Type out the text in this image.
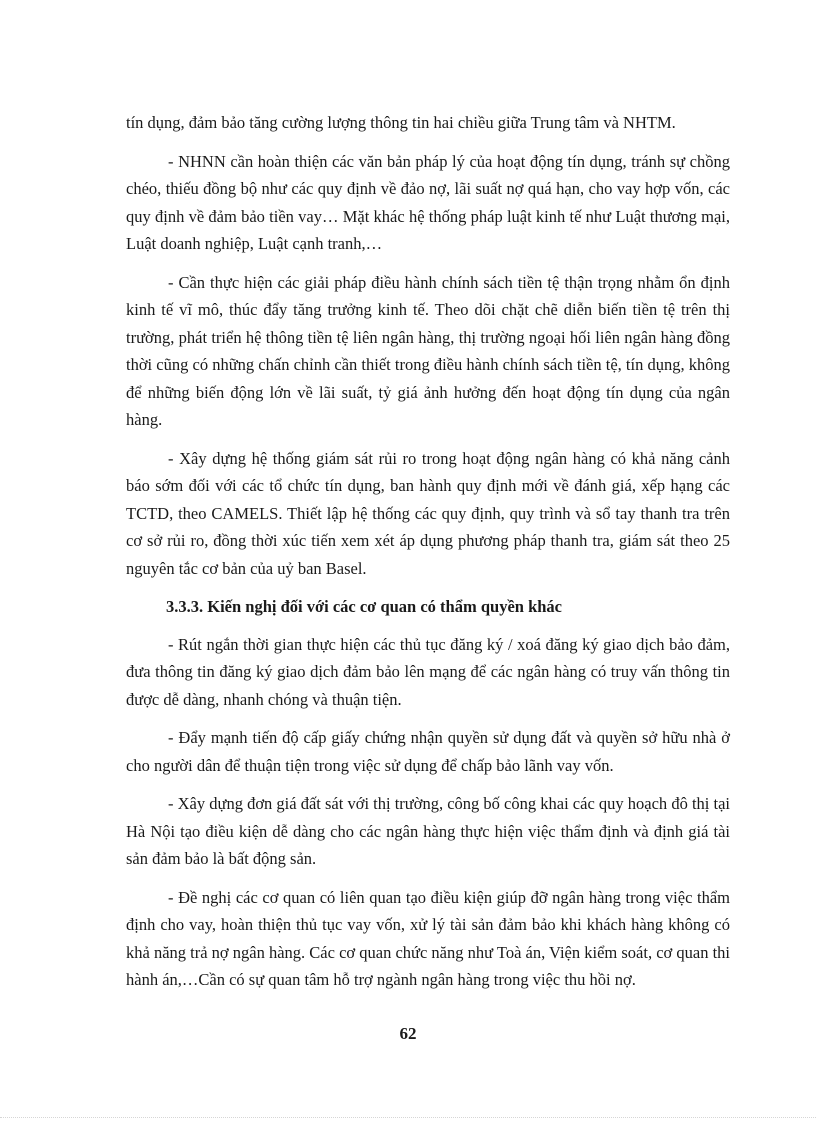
tín dụng, đảm bảo tăng cường lượng thông tin hai chiều giữa Trung tâm và NHTM.

- NHNN cần hoàn thiện các văn bản pháp lý của hoạt động tín dụng, tránh sự chồng chéo, thiếu đồng bộ như các quy định về đảo nợ, lãi suất nợ quá hạn, cho vay hợp vốn, các quy định về đảm bảo tiền vay… Mặt khác hệ thống pháp luật kinh tế như Luật thương mại, Luật doanh nghiệp, Luật cạnh tranh,…

- Cần thực hiện các giải pháp điều hành chính sách tiền tệ thận trọng nhằm ổn định kinh tế vĩ mô, thúc đẩy tăng trưởng kinh tế. Theo dõi chặt chẽ diễn biến tiền tệ trên thị trường, phát triển hệ thông tiền tệ liên ngân hàng, thị trường ngoại hối liên ngân hàng đồng thời cũng có những chấn chỉnh cần thiết trong điều hành chính sách tiền tệ, tín dụng, không để những biến động lớn về lãi suất, tỷ giá ảnh hưởng đến hoạt động tín dụng của ngân hàng.

- Xây dựng hệ thống giám sát rủi ro trong hoạt động ngân hàng có khả năng cảnh báo sớm đối với các tổ chức tín dụng, ban hành quy định mới về đánh giá, xếp hạng các TCTD, theo CAMELS. Thiết lập hệ thống các quy định, quy trình và sổ tay thanh tra trên cơ sở rủi ro, đồng thời xúc tiến xem xét áp dụng phương pháp thanh tra, giám sát theo 25 nguyên tắc cơ bản của uỷ ban Basel.

3.3.3. Kiến nghị đối với các cơ quan có thẩm quyền khác

- Rút ngắn thời gian thực hiện các thủ tục đăng ký / xoá đăng ký giao dịch bảo đảm, đưa thông tin đăng ký giao dịch đảm bảo lên mạng để các ngân hàng có truy vấn thông tin được dễ dàng, nhanh chóng và thuận tiện.

- Đẩy mạnh tiến độ cấp giấy chứng nhận quyền sử dụng đất và quyền sở hữu nhà ở cho người dân để thuận tiện trong việc sử dụng để chấp bảo lãnh vay vốn.

- Xây dựng đơn giá đất sát với thị trường, công bố công khai các quy hoạch đô thị tại Hà Nội tạo điều kiện dễ dàng cho các ngân hàng thực hiện việc thẩm định và định giá tài sản đảm bảo là bất động sản.

- Đề nghị các cơ quan có liên quan tạo điều kiện giúp đỡ ngân hàng trong việc thẩm định cho vay, hoàn thiện thủ tục vay vốn, xử lý tài sản đảm bảo khi khách hàng không có khả năng trả nợ ngân hàng. Các cơ quan chức năng như Toà án, Viện kiểm soát, cơ quan thi hành án,…Cần có sự quan tâm hỗ trợ ngành ngân hàng trong việc thu hồi nợ.

62
